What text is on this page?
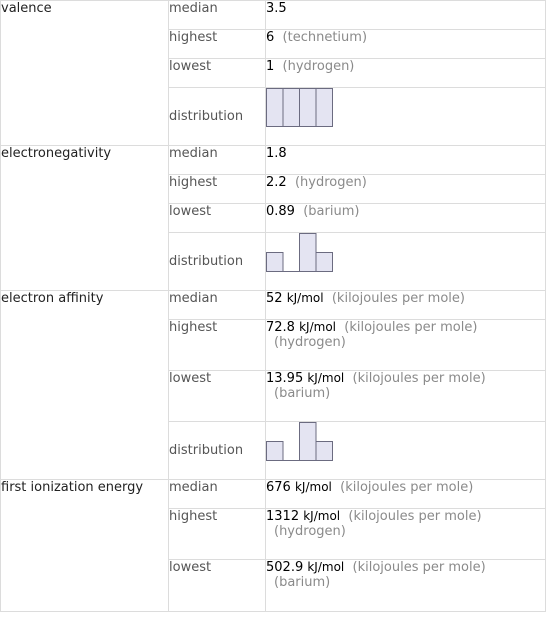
valence	median	3.5
	highest	6 (technetium)
	lowest	1 (hydrogen)
	distribution	

electronegativity	median	1.8
	highest	2.2 (hydrogen)
	lowest	0.89 (barium)
	distribution	

electron affinity	median	52 kJ/mol (kilojoules per mole)
	highest	72.8 kJ/mol (kilojoules per mole)
(hydrogen)

	lowest	13.95 kJ/mol (kilojoules per mole)
(barium)

	distribution	

first ionization energy	median	676 kJ/mol (kilojoules per mole)
	highest	1312 kJ/mol (kilojoules per mole)
(hydrogen)

	lowest	502.9 kJ/mol (kilojoules per mole)
(barium)
